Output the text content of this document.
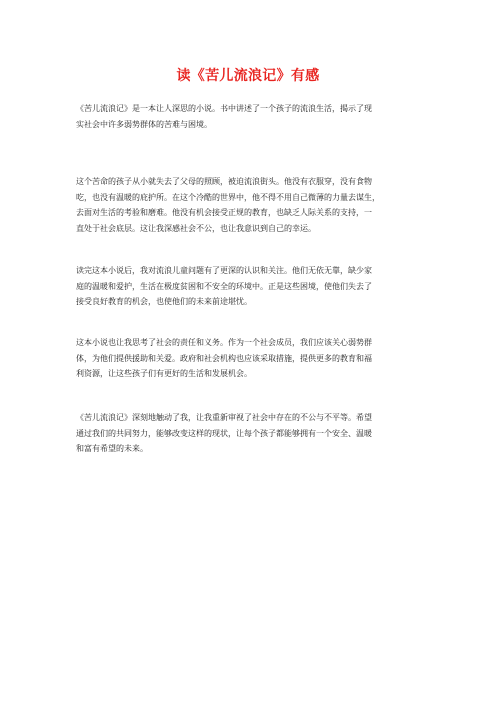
读《苦儿流浪记》有感
《苦儿流浪记》是一本让人深思的小说。书中讲述了一个孩子的流浪生活，揭示了现
实社会中许多弱势群体的苦难与困境。
这个苦命的孩子从小就失去了父母的照顾，被迫流浪街头。他没有衣服穿，没有食物
吃，也没有温暖的庇护所。在这个冷酷的世界中，他不得不用自己微薄的力量去谋生，
去面对生活的考验和磨难。他没有机会接受正规的教育，也缺乏人际关系的支持，一
直处于社会底层。这让我深感社会不公，也让我意识到自己的幸运。
读完这本小说后，我对流浪儿童问题有了更深的认识和关注。他们无依无靠，缺少家
庭的温暖和爱护，生活在极度贫困和不安全的环境中。正是这些困境，使他们失去了
接受良好教育的机会，也使他们的未来前途堪忧。
这本小说也让我思考了社会的责任和义务。作为一个社会成员，我们应该关心弱势群
体，为他们提供援助和关爱。政府和社会机构也应该采取措施，提供更多的教育和福
利资源，让这些孩子们有更好的生活和发展机会。
《苦儿流浪记》深刻地触动了我，让我重新审视了社会中存在的不公与不平等。希望
通过我们的共同努力，能够改变这样的现状，让每个孩子都能够拥有一个安全、温暖
和富有希望的未来。
